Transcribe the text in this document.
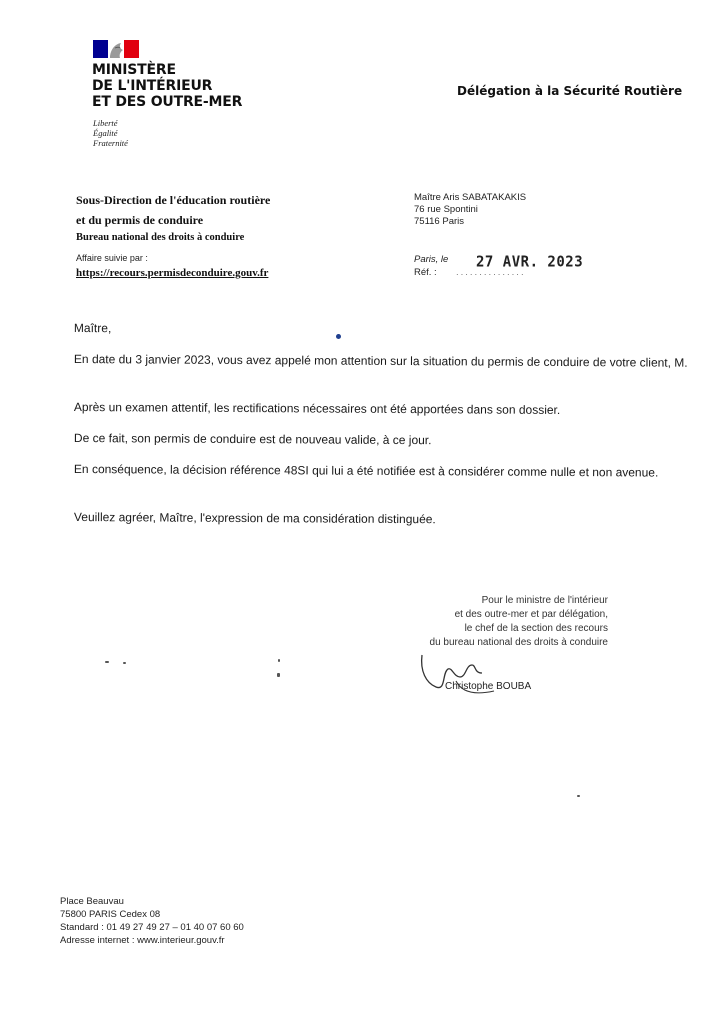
MINISTÈRE
DE L'INTÉRIEUR
ET DES OUTRE-MER
Liberté
Égalité
Fraternité
Délégation à la Sécurité Routière
Sous-Direction de l'éducation routière
et du permis de conduire
Bureau national des droits à conduire
Maître Aris SABATAKAKIS
76 rue Spontini
75116 Paris
Affaire suivie par :
https://recours.permisdeconduire.gouv.fr
Paris, le 27 AVR. 2023
Réf. : ...............
Maître,
En date du 3 janvier 2023, vous avez appelé mon attention sur la situation du permis de conduire de votre client, M.
Après un examen attentif, les rectifications nécessaires ont été apportées dans son dossier.
De ce fait, son permis de conduire est de nouveau valide, à ce jour.
En conséquence, la décision référence 48SI qui lui a été notifiée est à considérer comme nulle et non avenue.
Veuillez agréer, Maître, l'expression de ma considération distinguée.
Pour le ministre de l'intérieur
et des outre-mer et par délégation,
le chef de la section des recours
du bureau national des droits à conduire
Christophe BOUBA
Place Beauvau
75800 PARIS Cedex 08
Standard : 01 49 27 49 27 – 01 40 07 60 60
Adresse internet : www.interieur.gouv.fr
